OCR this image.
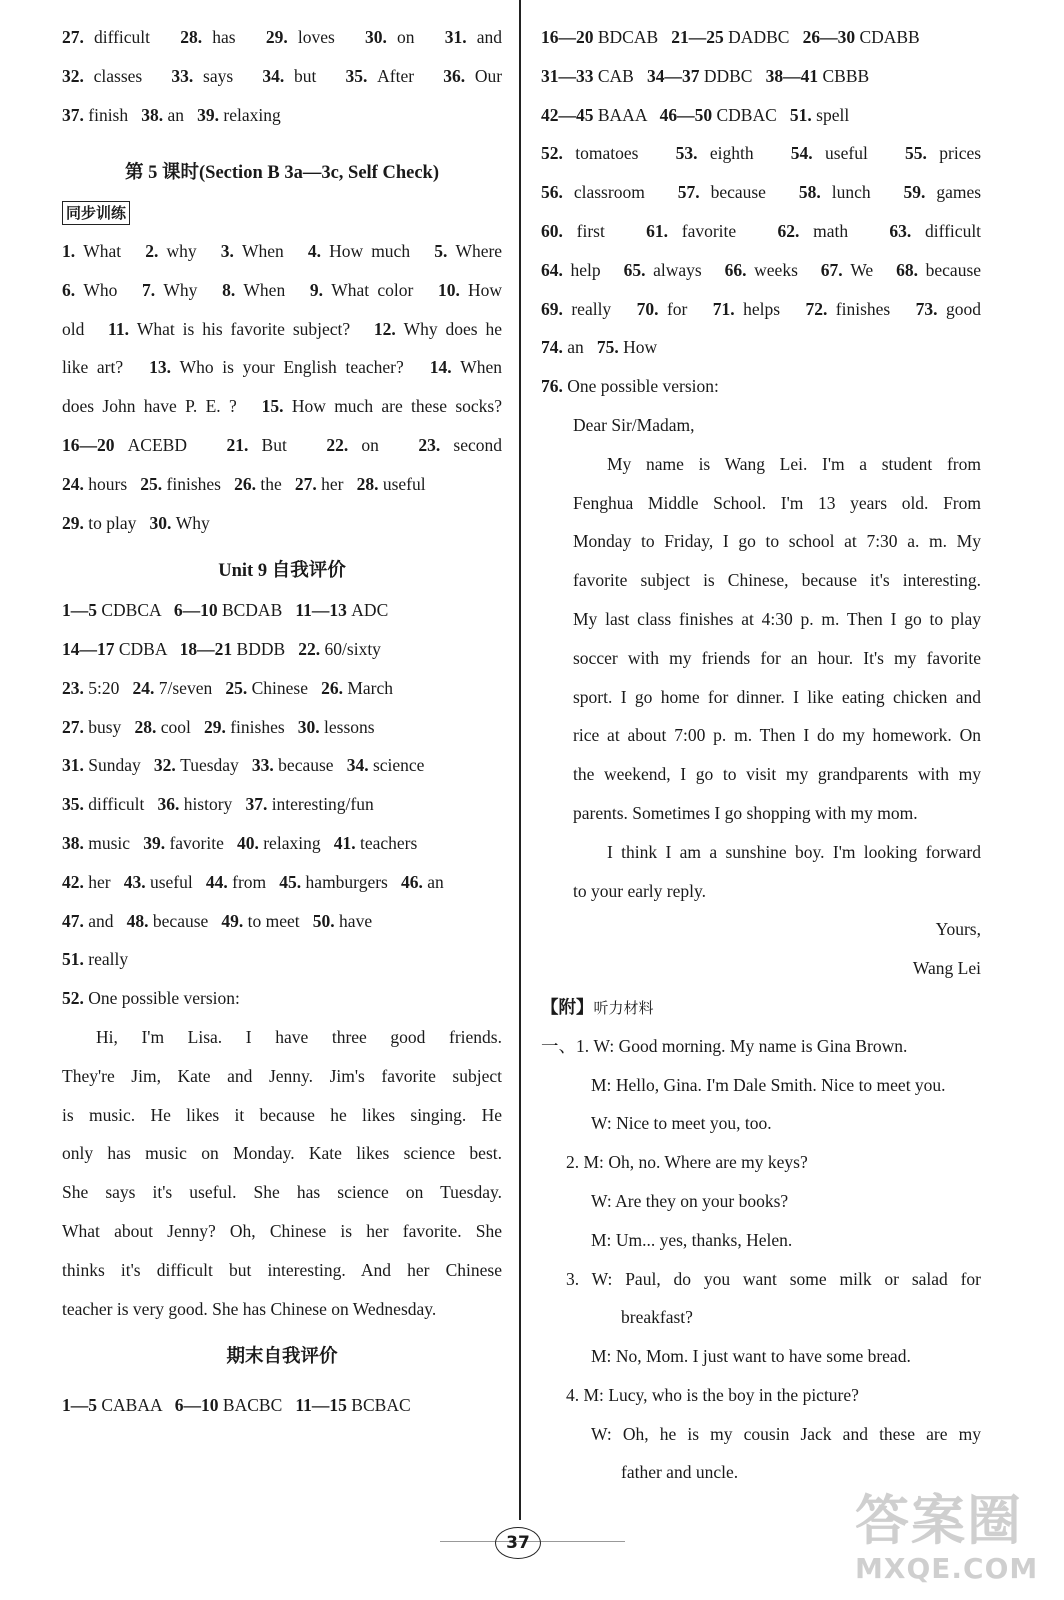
27. difficult 28. has 29. loves 30. on 31. and
32. classes 33. says 34. but 35. After 36. Our
37. finish 38. an 39. relaxing
第 5 课时(Section B 3a—3c, Self Check)
同步训练
1. What 2. why 3. When 4. How much 5. Where
6. Who 7. Why 8. When 9. What color 10. How
old 11. What is his favorite subject? 12. Why does he
like art? 13. Who is your English teacher? 14. When
does John have P. E. ? 15. How much are these socks?
16—20 ACEBD 21. But 22. on 23. second
24. hours 25. finishes 26. the 27. her 28. useful
29. to play 30. Why
Unit 9 自我评价
1—5 CDBCA 6—10 BCDAB 11—13 ADC
14—17 CDBA 18—21 BDDB 22. 60/sixty
23. 5:20 24. 7/seven 25. Chinese 26. March
27. busy 28. cool 29. finishes 30. lessons
31. Sunday 32. Tuesday 33. because 34. science
35. difficult 36. history 37. interesting/fun
38. music 39. favorite 40. relaxing 41. teachers
42. her 43. useful 44. from 45. hamburgers 46. an
47. and 48. because 49. to meet 50. have
51. really
52. One possible version:
Hi, I'm Lisa. I have three good friends.
They're Jim, Kate and Jenny. Jim's favorite subject
is music. He likes it because he likes singing. He
only has music on Monday. Kate likes science best.
She says it's useful. She has science on Tuesday.
What about Jenny? Oh, Chinese is her favorite. She
thinks it's difficult but interesting. And her Chinese
teacher is very good. She has Chinese on Wednesday.
期末自我评价
1—5 CABAA 6—10 BACBC 11—15 BCBAC
16—20 BDCAB 21—25 DADBC 26—30 CDABB
31—33 CAB 34—37 DDBC 38—41 CBBB
42—45 BAAA 46—50 CDBAC 51. spell
52. tomatoes 53. eighth 54. useful 55. prices
56. classroom 57. because 58. lunch 59. games
60. first 61. favorite 62. math 63. difficult
64. help 65. always 66. weeks 67. We 68. because
69. really 70. for 71. helps 72. finishes 73. good
74. an 75. How
76. One possible version:
Dear Sir/Madam,
My name is Wang Lei. I'm a student from
Fenghua Middle School. I'm 13 years old. From
Monday to Friday, I go to school at 7:30 a. m. My
favorite subject is Chinese, because it's interesting.
My last class finishes at 4:30 p. m. Then I go to play
soccer with my friends for an hour. It's my favorite
sport. I go home for dinner. I like eating chicken and
rice at about 7:00 p. m. Then I do my homework. On
the weekend, I go to visit my grandparents with my
parents. Sometimes I go shopping with my mom.
I think I am a sunshine boy. I'm looking forward
to your early reply.
Yours,
Wang Lei
【附】听力材料
一、1. W: Good morning. My name is Gina Brown.
M: Hello, Gina. I'm Dale Smith. Nice to meet you.
W: Nice to meet you, too.
2. M: Oh, no. Where are my keys?
W: Are they on your books?
M: Um... yes, thanks, Helen.
3. W: Paul, do you want some milk or salad for
breakfast?
M: No, Mom. I just want to have some bread.
4. M: Lucy, who is the boy in the picture?
W: Oh, he is my cousin Jack and these are my
father and uncle.
37	答案圈
MXQE.COM
